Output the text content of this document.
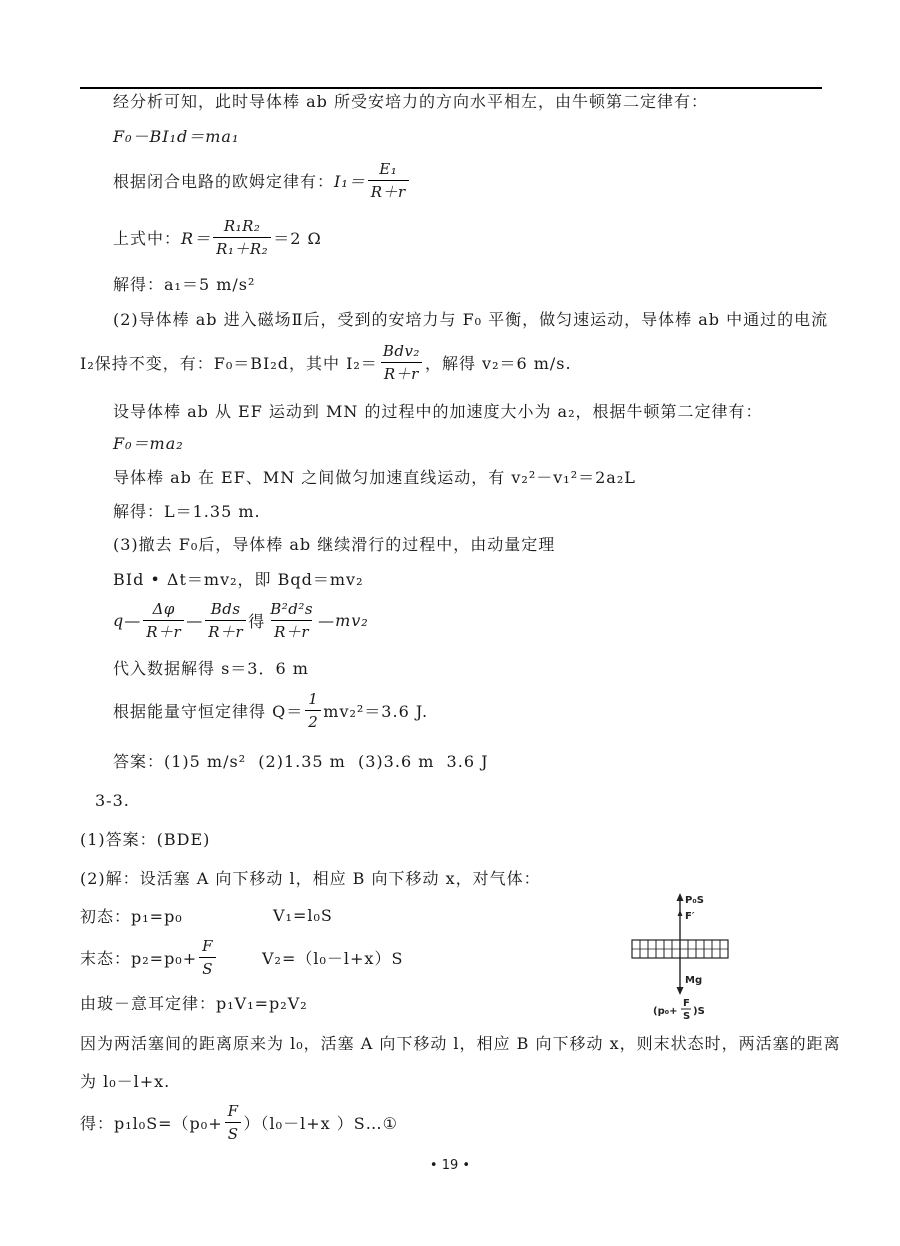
经分析可知，此时导体棒 ab 所受安培力的方向水平相左，由牛顿第二定律有：
F₀－BI₁d＝ma₁
根据闭合电路的欧姆定律有： $I_1= \frac{\text{E₁}}{R+r}$
上式中： $R= \frac{\text{R₁R₂}}{\text{R₁＋R₂}} =2$ Ω
解得：a₁＝5 m/s²
(2)导体棒 ab 进入磁场Ⅱ后，受到的安培力与 F₀ 平衡，做匀速运动，导体棒 ab 中通过的电流
I₂保持不变，有：F₀＝BI₂d，其中 $I_2= \frac{\text{Bdv₂}}{R+r}$ ，解得 v₂＝6 m/s.
设导体棒 ab 从 EF 运动到 MN 的过程中的加速度大小为 a₂，根据牛顿第二定律有：
F₀＝ma₂
导体棒 ab 在 EF、MN 之间做匀加速直线运动，有 v₂²－v₁²＝2a₂L
解得：L＝1.35 m.
(3)撤去 F₀后，导体棒 ab 继续滑行的过程中，由动量定理
BId • Δt＝mv₂，即 Bqd＝mv₂
q— $\frac{\Delta\varphi}{R+r}$ — $\frac{\text{Bds}}{R+r}$ 得 $\frac{\text{B²d²s}}{R+r}$ —mv₂
代入数据解得 s＝3．6 m
根据能量守恒定律得 $Q= \frac{1}{2} mv_2^2=3.6$ J.
答案：(1)5 m/s²  (2)1.35 m  (3)3.6 m  3.6 J
3-3.
(1)答案：(BDE)
(2)解：设活塞 A 向下移动 l，相应 B 向下移动 x，对气体：
初态：p₁=p₀	V₁=l₀S
末态：$p_2=p_0+ \frac{F}{S}$	V₂=（l₀－l+x）S
由玻－意耳定律：p₁V₁=p₂V₂
因为两活塞间的距离原来为 l₀，活塞 A 向下移动 l，相应 B 向下移动 x，则末状态时，两活塞的距离
为 l₀－l+x.
得：$p_1l_0S=(p_0+ \frac{F}{S} )(l_0-l+x$ ）S…①
P₀S
F′
Mg
(p₀+
F
S )S
• 19 •
